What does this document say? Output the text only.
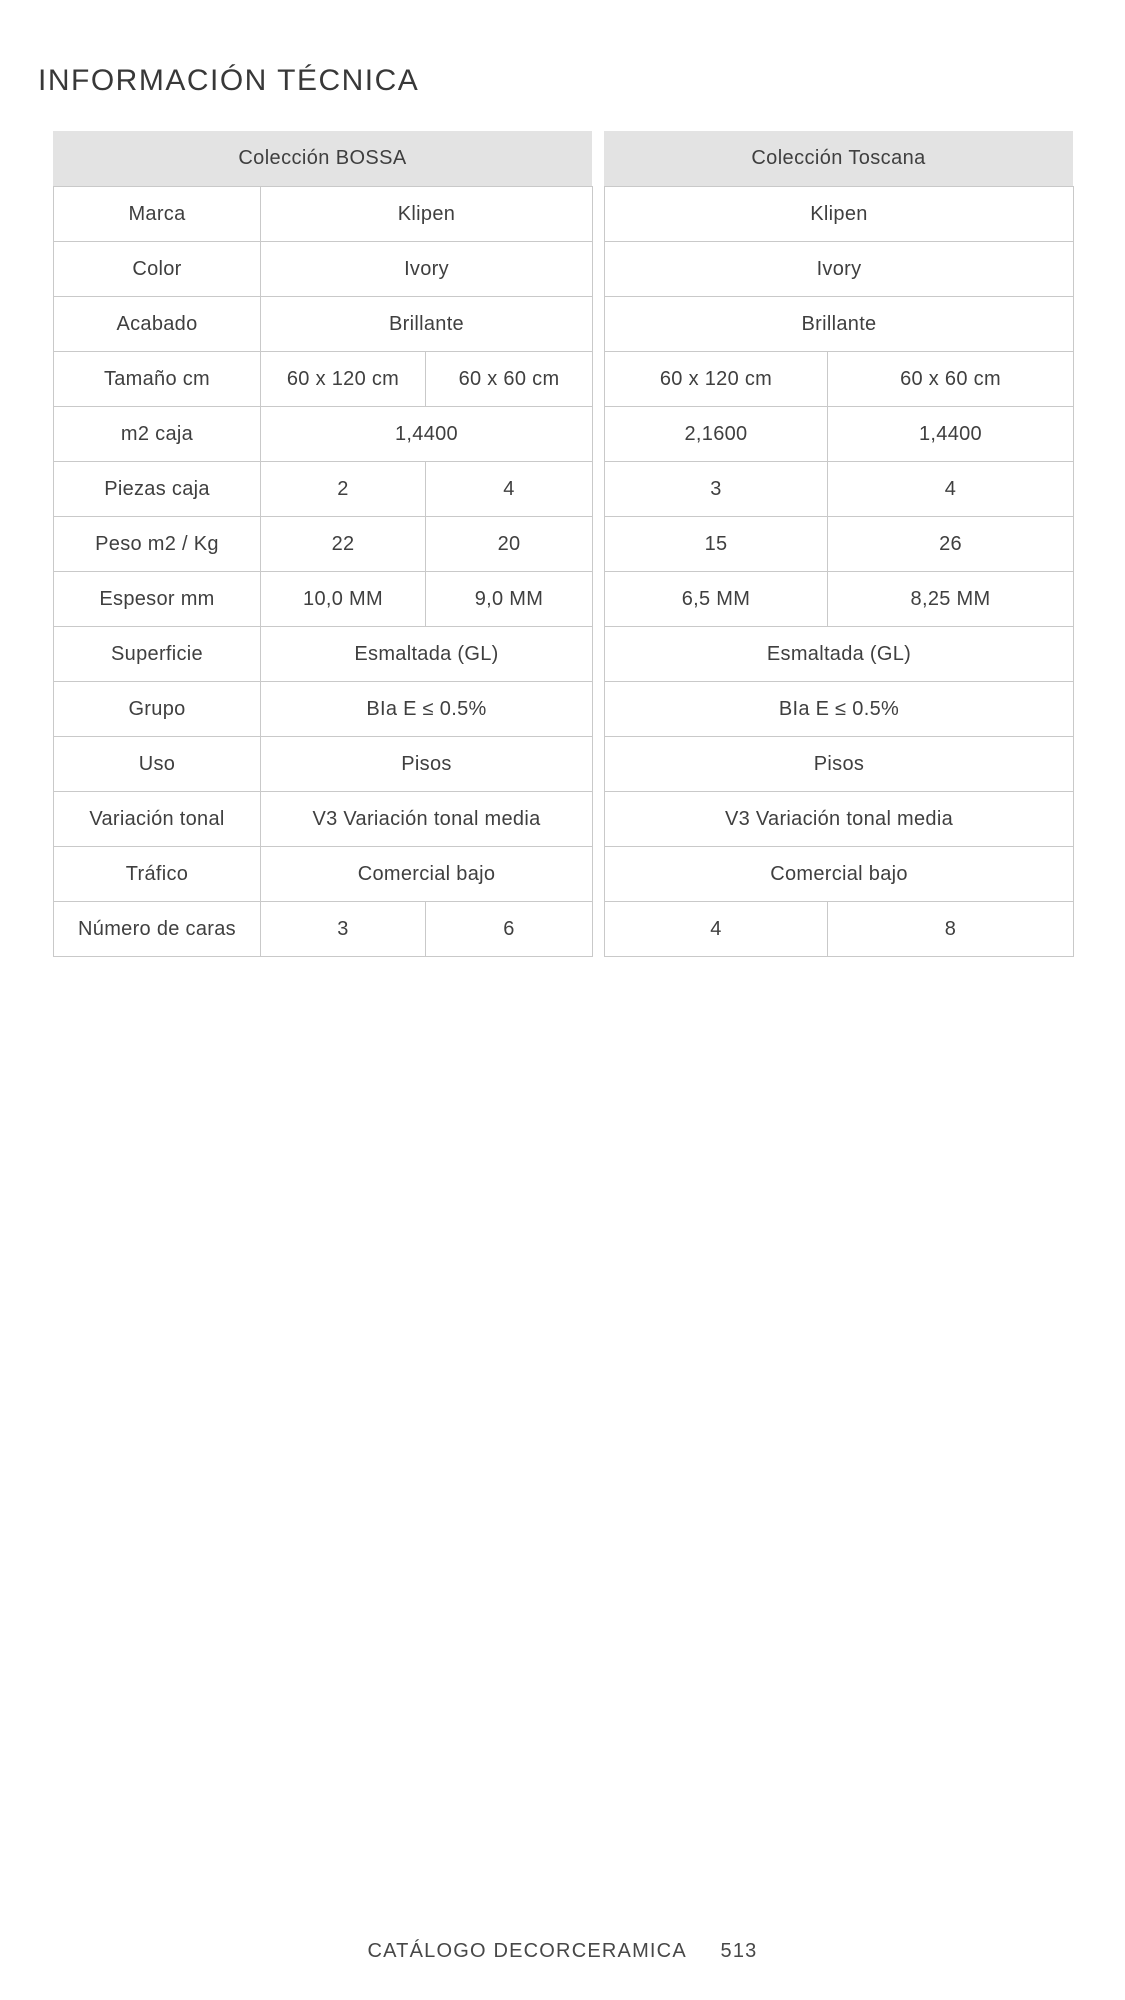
INFORMACIÓN TÉCNICA
Colección BOSSA
Marca	Klipen	
Color	Ivory	
Acabado	Brillante	
Tamaño cm	60 x 120 cm	60 x 60 cm
m2 caja	1,4400	
Piezas caja	2	4
Peso m2 / Kg	22	20
Espesor mm	10,0 MM	9,0 MM
Superficie	Esmaltada (GL)	
Grupo	BIa E ≤ 0.5%	
Uso	Pisos	
Variación tonal	V3 Variación tonal media	
Tráfico	Comercial bajo	
Número de caras	3	6
Colección Toscana
Klipen	
Ivory	
Brillante	
60 x 120 cm	60 x 60 cm
2,1600	1,4400
3	4
15	26
6,5 MM	8,25 MM
Esmaltada (GL)	
BIa E ≤ 0.5%	
Pisos	
V3 Variación tonal media	
Comercial bajo	
4	8
CATÁLOGO DECORCERAMICA 513
